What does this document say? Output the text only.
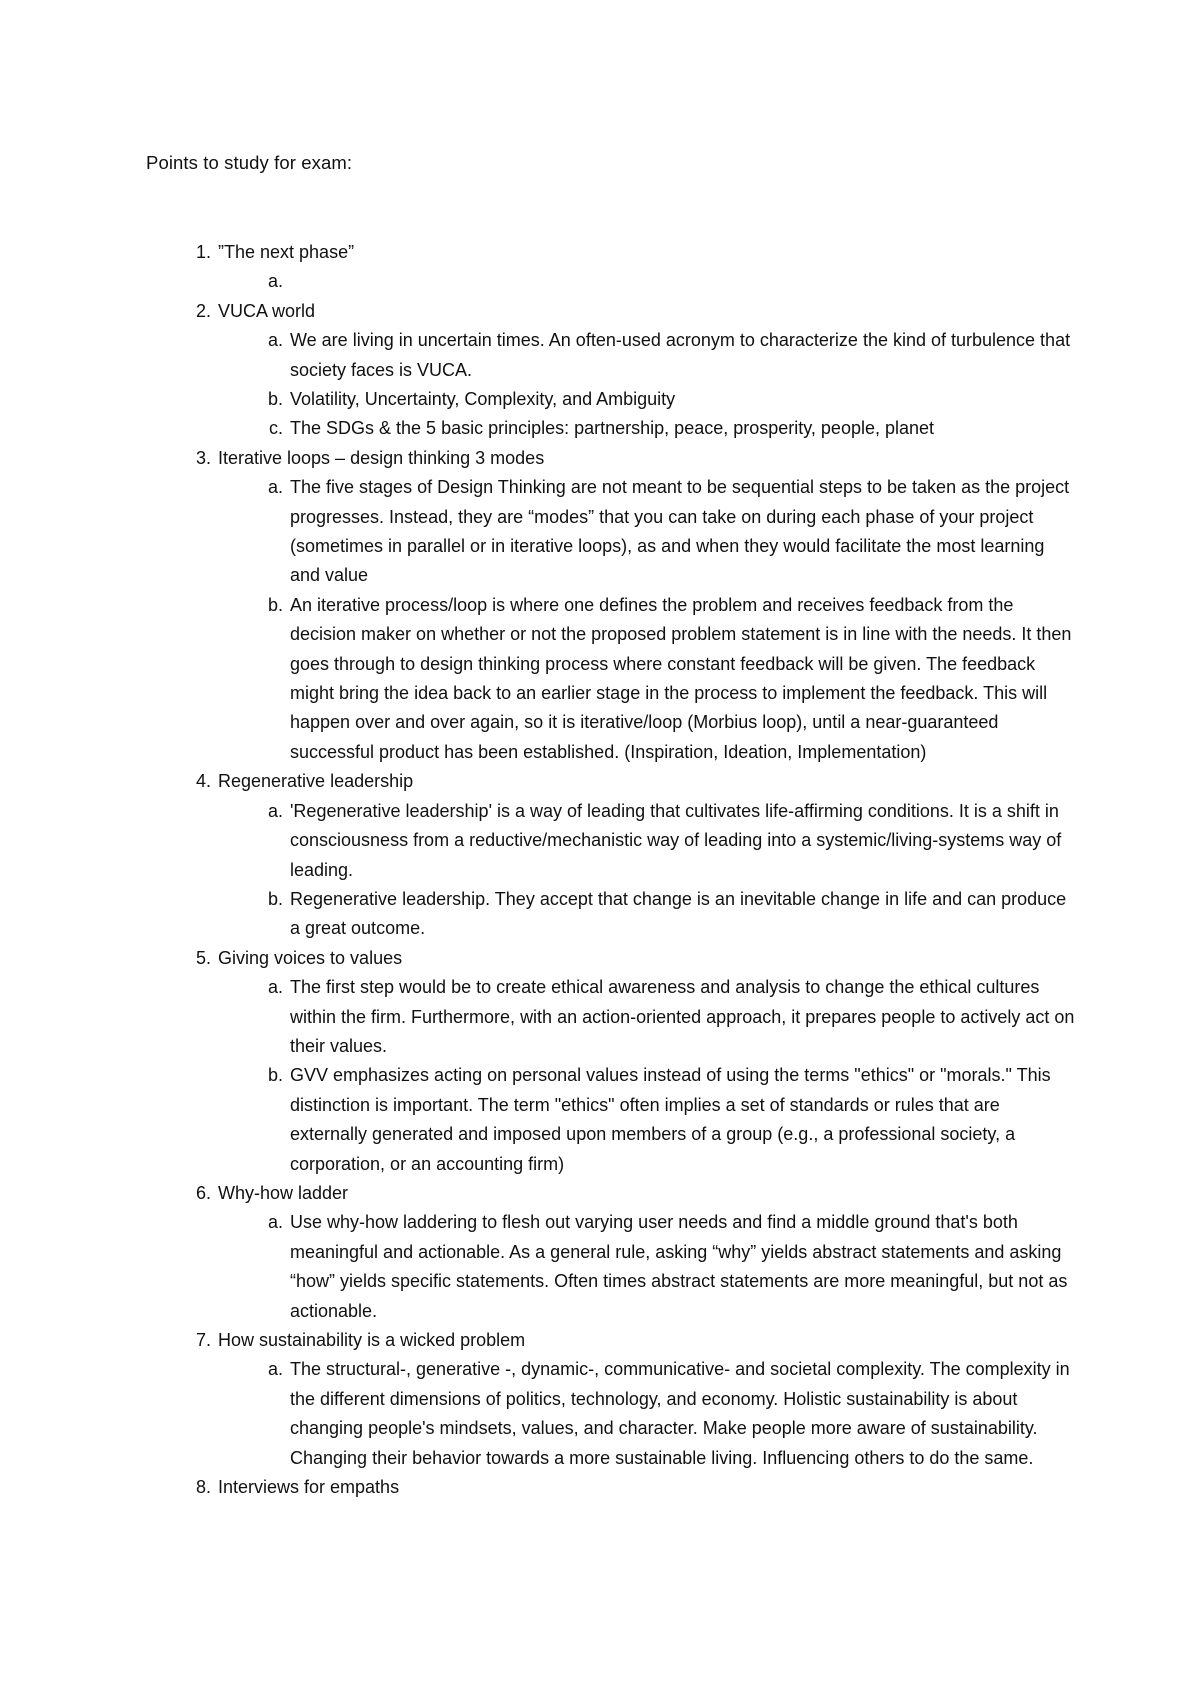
Points to study for exam:
1. ”The next phase”
a.
2. VUCA world
a. We are living in uncertain times. An often-used acronym to characterize the kind of turbulence that society faces is VUCA.
b. Volatility, Uncertainty, Complexity, and Ambiguity
c. The SDGs & the 5 basic principles: partnership, peace, prosperity, people, planet
3. Iterative loops – design thinking 3 modes
a. The five stages of Design Thinking are not meant to be sequential steps to be taken as the project progresses. Instead, they are “modes” that you can take on during each phase of your project (sometimes in parallel or in iterative loops), as and when they would facilitate the most learning and value
b. An iterative process/loop is where one defines the problem and receives feedback from the decision maker on whether or not the proposed problem statement is in line with the needs. It then goes through to design thinking process where constant feedback will be given. The feedback might bring the idea back to an earlier stage in the process to implement the feedback. This will happen over and over again, so it is iterative/loop (Morbius loop), until a near-guaranteed successful product has been established. (Inspiration, Ideation, Implementation)
4. Regenerative leadership
a. 'Regenerative leadership' is a way of leading that cultivates life-affirming conditions. It is a shift in consciousness from a reductive/mechanistic way of leading into a systemic/living-systems way of leading.
b. Regenerative leadership. They accept that change is an inevitable change in life and can produce a great outcome.
5. Giving voices to values
a. The first step would be to create ethical awareness and analysis to change the ethical cultures within the firm. Furthermore, with an action-oriented approach, it prepares people to actively act on their values.
b. GVV emphasizes acting on personal values instead of using the terms "ethics" or "morals." This distinction is important. The term "ethics" often implies a set of standards or rules that are externally generated and imposed upon members of a group (e.g., a professional society, a corporation, or an accounting firm)
6. Why-how ladder
a. Use why-how laddering to flesh out varying user needs and find a middle ground that's both meaningful and actionable. As a general rule, asking “why” yields abstract statements and asking “how” yields specific statements. Often times abstract statements are more meaningful, but not as actionable.
7. How sustainability is a wicked problem
a. The structural-, generative -, dynamic-, communicative- and societal complexity. The complexity in the different dimensions of politics, technology, and economy. Holistic sustainability is about changing people's mindsets, values, and character. Make people more aware of sustainability. Changing their behavior towards a more sustainable living. Influencing others to do the same.
8. Interviews for empaths
